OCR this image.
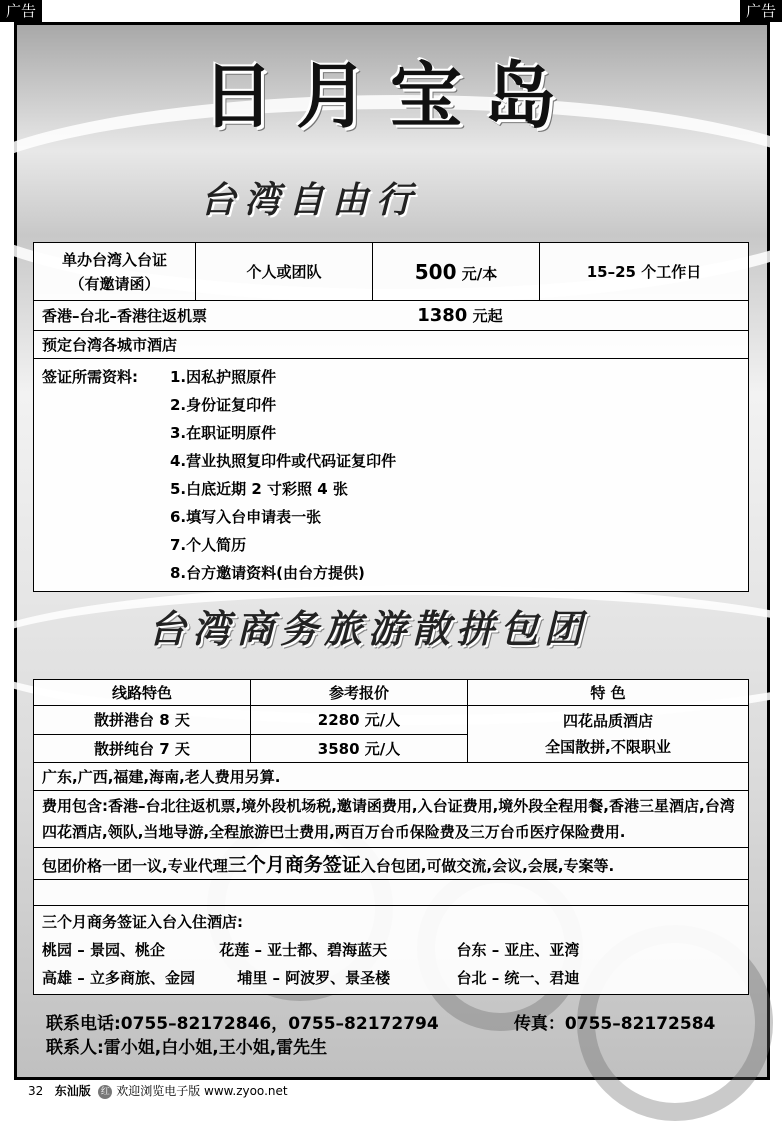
广告	广告
日月宝岛
台湾自由行
单办台湾入台证
（有邀请函）
	个人或团队	500 元/本	15–25 个工作日
香港–台北–香港往返机票	1380 元起
预定台湾各城市酒店

签证所需资料: 1.因私护照原件
2.身份证复印件
3.在职证明原件
4.营业执照复印件或代码证复印件
5.白底近期 2 寸彩照 4 张
6.填写入台申请表一张
7.个人简历
8.台方邀请资料(由台方提供)
台湾商务旅游散拼包团
线路特色	参考报价	特 色
散拼港台 8 天	2280 元/人	四花品质酒店
全国散拼,不限职业

散拼纯台 7 天	3580 元/人	
广东,广西,福建,海南,老人费用另算.		
费用包含:香港–台北往返机票,境外段机场税,邀请函费用,入台证费用,境外段全程用餐,香港三星酒店,台湾四花酒店,领队,当地导游,全程旅游巴士费用,两百万台币保险费及三万台币医疗保险费用.		
包团价格一团一议,专业代理三个月商务签证入台包团,可做交流,会议,会展,专案等.		

三个月商务签证入台入住酒店:
桃园 – 景园、桃企 花莲 – 亚士都、碧海蓝天 台东 – 亚庄、亚湾
高雄 – 立多商旅、金园 埔里 – 阿波罗、景圣楼 台北 – 统一、君迪		
联系电话:0755–82172846，0755–82172794	传真：0755–82172584
联系人:雷小姐,白小姐,王小姐,雷先生
32 东汕版 红 欢迎浏览电子版 www.zyoo.net
